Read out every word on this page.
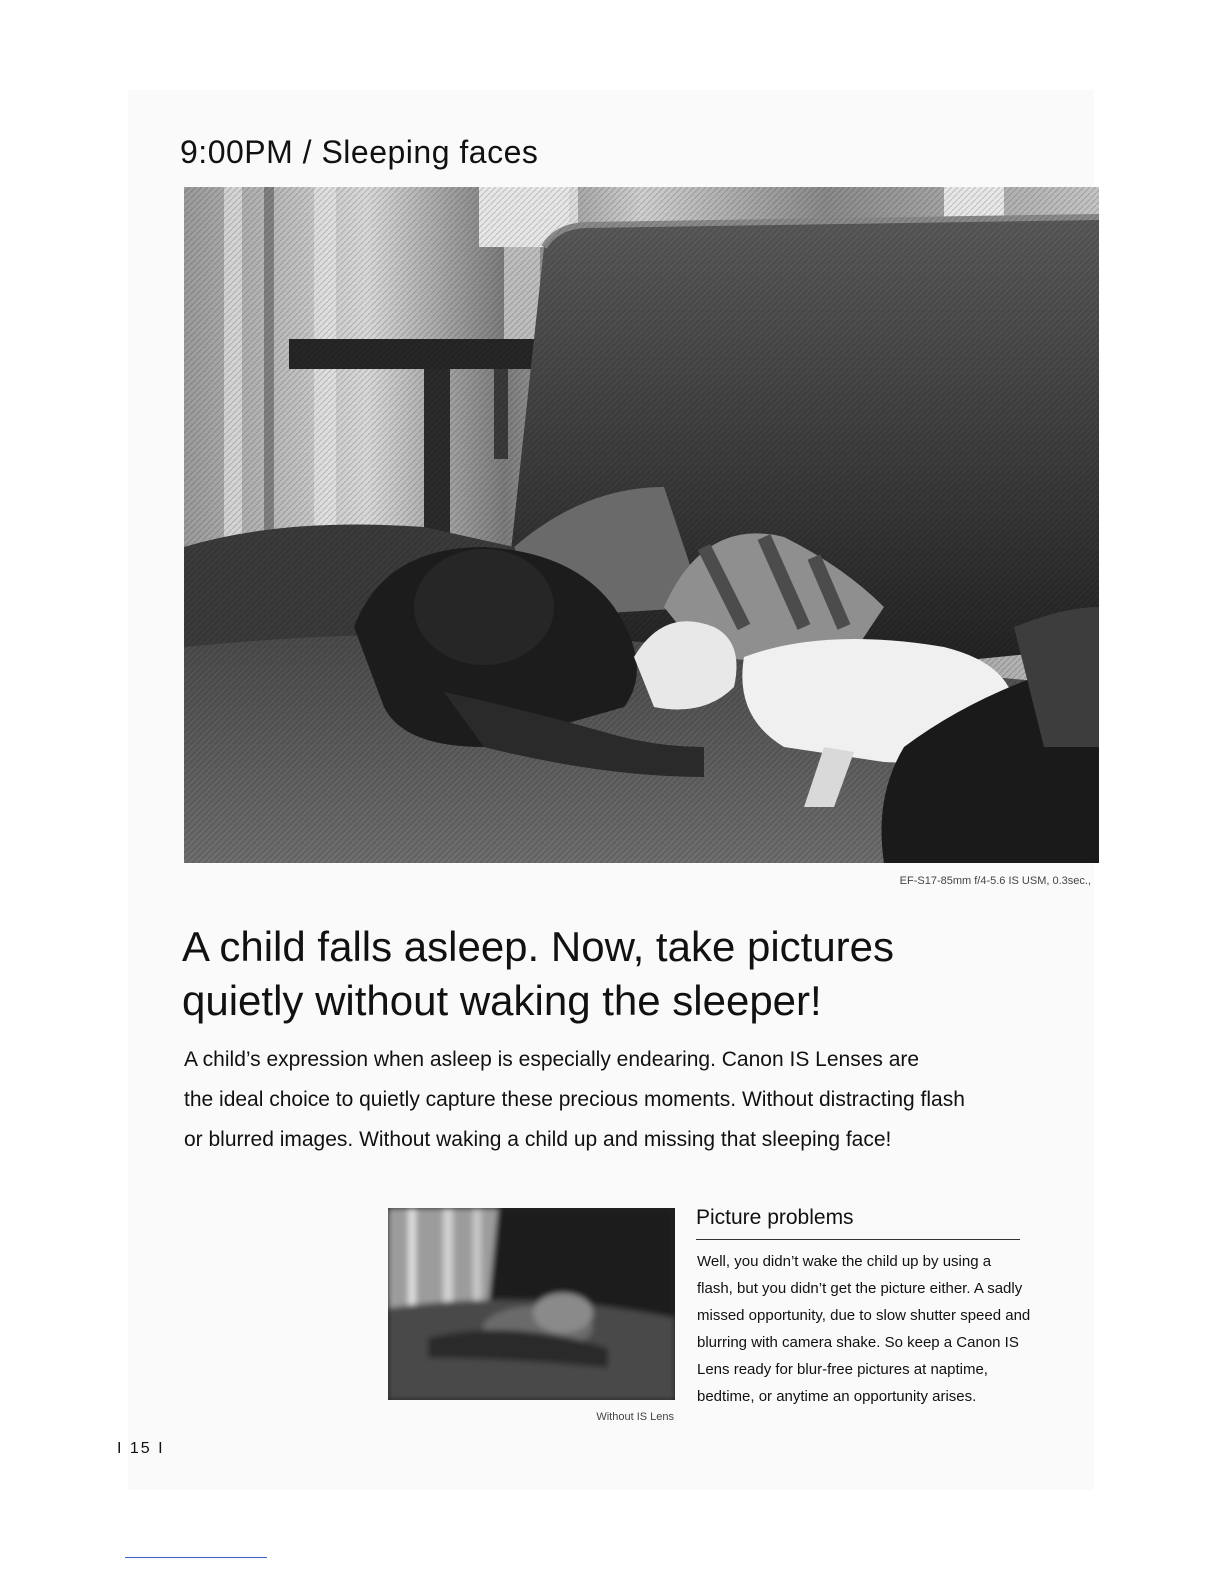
9:00PM / Sleeping faces
EF-S17-85mm f/4-5.6 IS USM, 0.3sec.,
A child falls asleep. Now, take pictures
quietly without waking the sleeper!

A child’s expression when asleep is especially endearing. Canon IS Lenses are
the ideal choice to quietly capture these precious moments. Without distracting flash
or blurred images. Without waking a child up and missing that sleeping face!

Without IS Lens
Picture problems

Well, you didn’t wake the child up by using a
flash, but you didn’t get the picture either. A sadly
missed opportunity, due to slow shutter speed and
blurring with camera shake. So keep a Canon IS
Lens ready for blur-free pictures at naptime,
bedtime, or anytime an opportunity arises.

I 15 I
